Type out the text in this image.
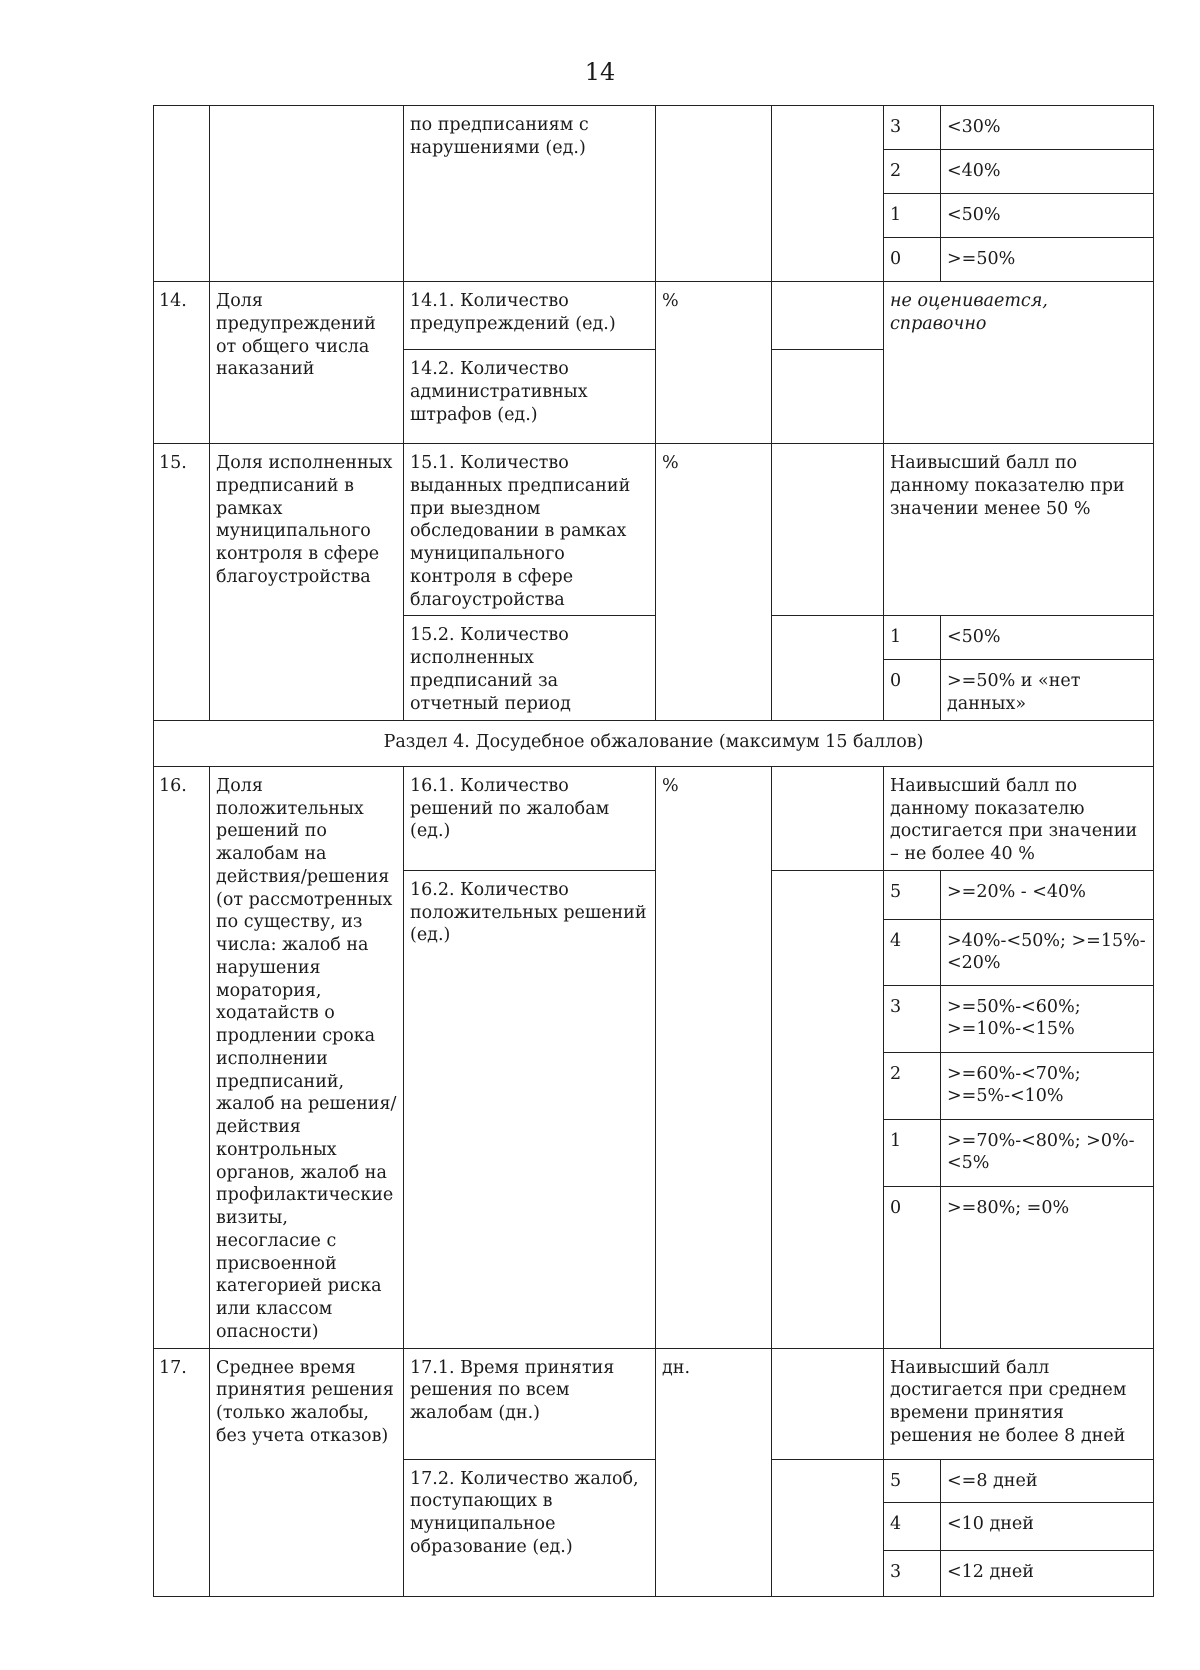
14
		по предписаниям с нарушениями (ед.)			3	<30%
					2	<40%
					1	<50%
					0	>=50%
14.	Доля предупреждений от общего числа наказаний	14.1. Количество предупреждений (ед.)	%		не оценивается, справочно	
		14.2. Количество административных штрафов (ед.)				
15.	Доля исполненных предписаний в рамках муниципального контроля в сфере благоустройства	15.1. Количество выданных предписаний при выездном обследовании в рамках муниципального контроля в сфере благоустройства	%		Наивысший балл по данному показателю при значении менее 50 %	
		15.2. Количество исполненных предписаний за отчетный период			1	<50%
					0	>=50% и «нет данных»
Раздел 4. Досудебное обжалование (максимум 15 баллов)						
16.	Доля положительных решений по жалобам на действия/решения (от рассмотренных по существу, из числа: жалоб на нарушения моратория, ходатайств о продлении срока исполнении предписаний, жалоб на решения/действия контрольных органов, жалоб на профилактические визиты, несогласие с присвоенной категорией риска или классом опасности)	16.1. Количество решений по жалобам (ед.)	%		Наивысший балл по данному показателю достигается при значении – не более 40 %	
		16.2. Количество положительных решений (ед.)			5	>=20% - <40%
					4	>40%-<50%; >=15%-<20%
					3	>=50%-<60%; >=10%-<15%
					2	>=60%-<70%; >=5%-<10%
					1	>=70%-<80%; >0%-<5%
					0	>=80%; =0%
17.	Среднее время принятия решения (только жалобы, без учета отказов)	17.1. Время принятия решения по всем жалобам (дн.)	дн.		Наивысший балл достигается при среднем времени принятия решения не более 8 дней	
		17.2. Количество жалоб, поступающих в муниципальное образование (ед.)			5	<=8 дней
					4	<10 дней
					3	<12 дней
